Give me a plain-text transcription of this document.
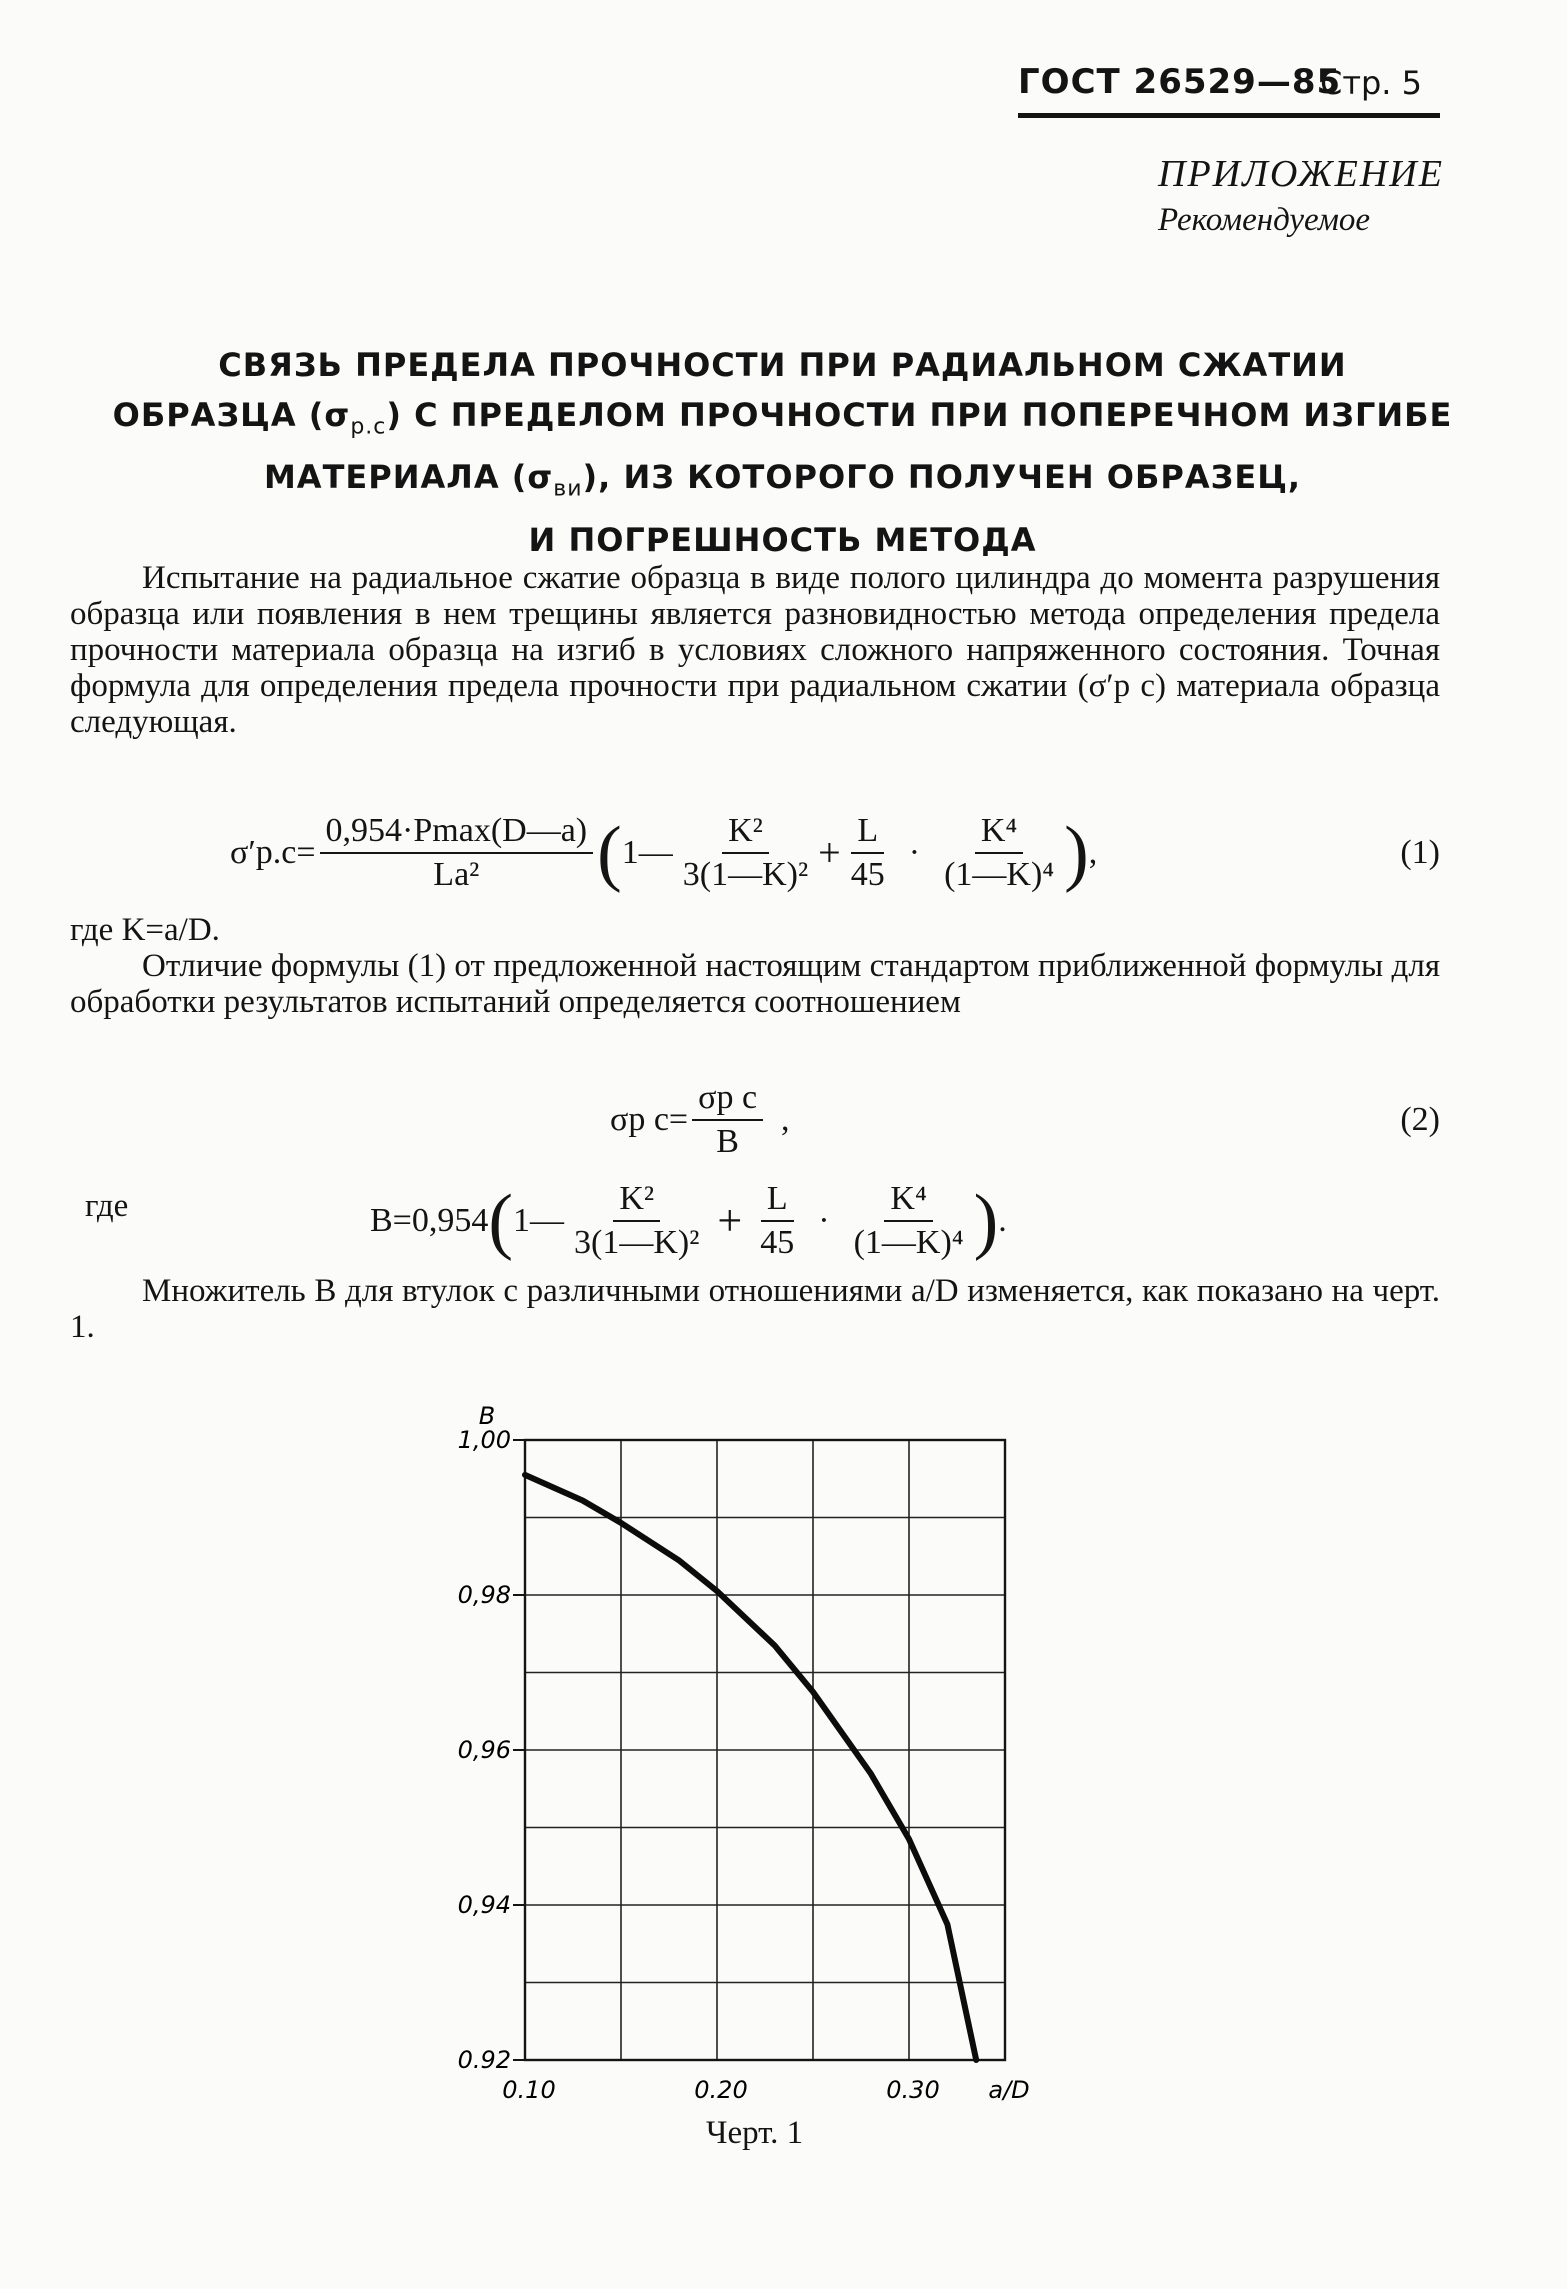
ГОСТ 26529—85
Стр. 5
ПРИЛОЖЕНИЕ
Рекомендуемое
СВЯЗЬ ПРЕДЕЛА ПРОЧНОСТИ ПРИ РАДИАЛЬНОМ СЖАТИИ
ОБРАЗЦА $(\sigma_{р.с})$ С ПРЕДЕЛОМ ПРОЧНОСТИ ПРИ ПОПЕРЕЧНОМ ИЗГИБЕ
МАТЕРИАЛА $(\sigma_{ви})$, ИЗ КОТОРОГО ПОЛУЧЕН ОБРАЗЕЦ,
И ПОГРЕШНОСТЬ МЕТОДА

Испытание на радиальное сжатие образца в виде полого цилиндра до момента разрушения образца или появления в нем трещины является разновидностью метода определения предела прочности материала образца на изгиб в условиях сложного напряженного состояния. Точная формула для определения предела прочности при радиальном сжатии (σ′р с) материала образца следующая.

$\sigma'р.с = \frac{0,954\cdot Pmax(D—a)}{\text{La²}}$ ( 1— $\frac{\text{K²}}{\text{3(1—K)²}} + \frac{L}{45} \cdot \frac{\text{K⁴}}{\text{(1—K)⁴}}$ ) ,	(1)
где K=a/D.

Отличие формулы (1) от предложенной настоящим стандартом приближенной формулы для обработки результатов испытаний определяется соотношением

σр $с = \frac{\text{σр с}}{B}$ ,	(2)
где	B=0,954 ( 1— $\frac{\text{K²}}{\text{3(1—K)²}} + \frac{L}{45} \cdot \frac{\text{K⁴}}{\text{(1—K)⁴}}$ ) .

Множитель B для втулок с различными отношениями a/D изменяется, как показано на черт. 1.

0.92
0,94
0,96
0,98
1,00
0.10	0.20	0.30
B
a/D
Черт. 1
